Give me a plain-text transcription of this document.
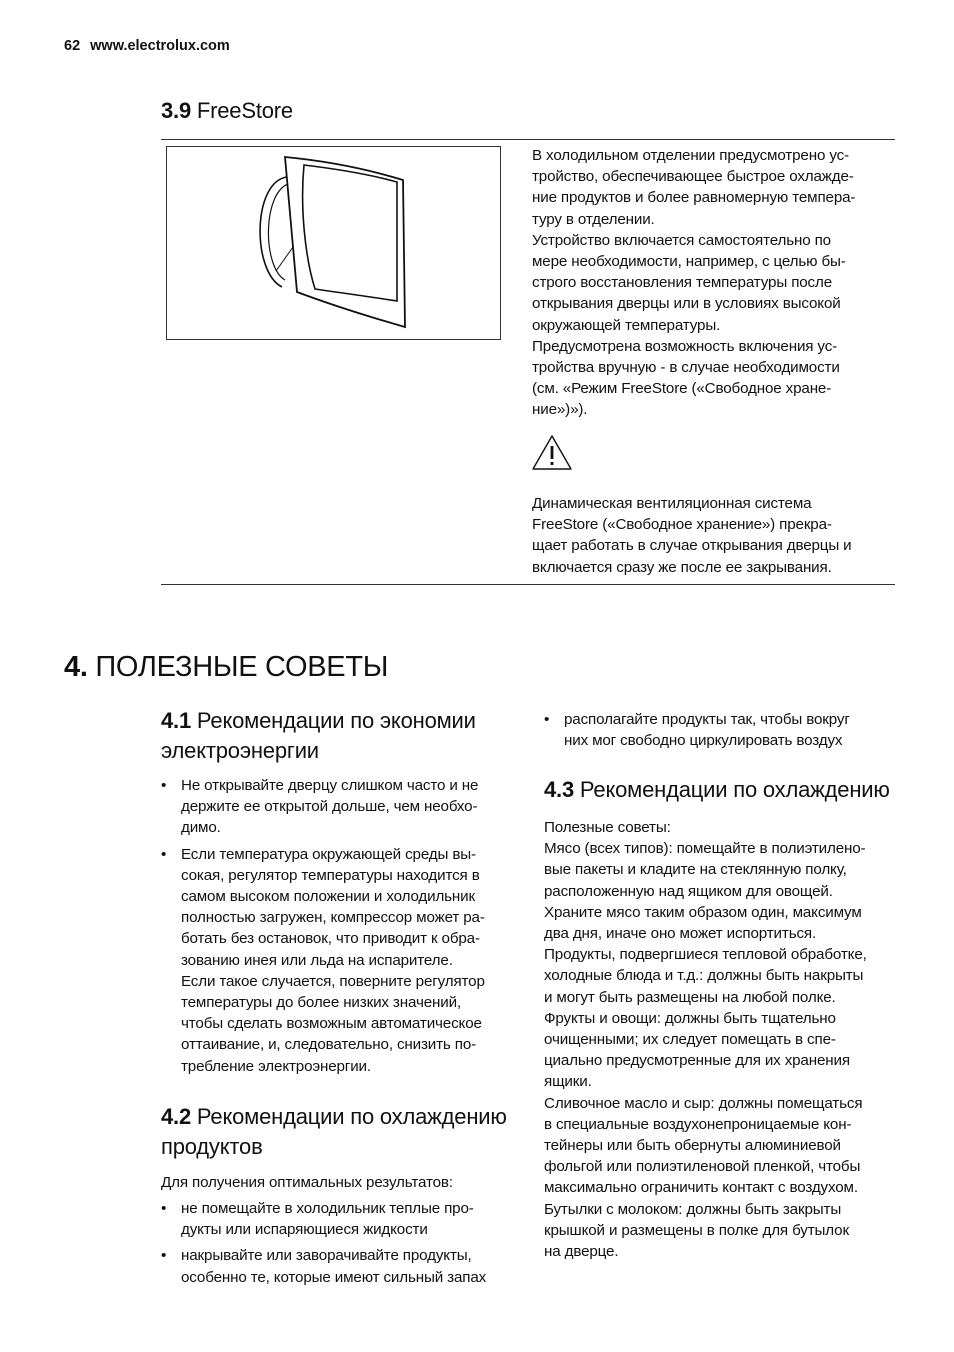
62 www.electrolux.com
3.9 FreeStore

В холодильном отделении предусмотрено ус-

тройство, обеспечивающее быстрое охлажде-

ние продуктов и более равномерную темпера-

туру в отделении.

Устройство включается самостоятельно по

мере необходимости, например, с целью бы-

строго восстановления температуры после

открывания дверцы или в условиях высокой

окружающей температуры.

Предусмотрена возможность включения ус-

тройства вручную - в случае необходимости

(см. «Режим FreeStore («Свободное хране-

ние»)»).

Динамическая вентиляционная система

FreeStore («Свободное хранение») прекра-

щает работать в случае открывания дверцы и

включается сразу же после ее закрывания.

4. ПОЛЕЗНЫЕ СОВЕТЫ
4.1 Рекомендации по экономии
электроэнергии
• Не открывайте дверцу слишком часто и не
держите ее открытой дольше, чем необхо-
димо.
• Если температура окружающей среды вы-
сокая, регулятор температуры находится в
самом высоком положении и холодильник
полностью загружен, компрессор может ра-
ботать без остановок, что приводит к обра-
зованию инея или льда на испарителе.
Если такое случается, поверните регулятор
температуры до более низких значений,
чтобы сделать возможным автоматическое
оттаивание, и, следовательно, снизить по-
требление электроэнергии.
4.2 Рекомендации по охлаждению
продуктов
Для получения оптимальных результатов:
• не помещайте в холодильник теплые про-
дукты или испаряющиеся жидкости
• накрывайте или заворачивайте продукты,
особенно те, которые имеют сильный запах
• располагайте продукты так, чтобы вокруг
них мог свободно циркулировать воздух
4.3 Рекомендации по охлаждению

Полезные советы:

Мясо (всех типов): помещайте в полиэтилено-

вые пакеты и кладите на стеклянную полку,

расположенную над ящиком для овощей.

Храните мясо таким образом один, максимум

два дня, иначе оно может испортиться.

Продукты, подвергшиеся тепловой обработке,

холодные блюда и т.д.: должны быть накрыты

и могут быть размещены на любой полке.

Фрукты и овощи: должны быть тщательно

очищенными; их следует помещать в спе-

циально предусмотренные для их хранения

ящики.

Сливочное масло и сыр: должны помещаться

в специальные воздухонепроницаемые кон-

тейнеры или быть обернуты алюминиевой

фольгой или полиэтиленовой пленкой, чтобы

максимально ограничить контакт с воздухом.

Бутылки с молоком: должны быть закрыты

крышкой и размещены в полке для бутылок

на дверце.
